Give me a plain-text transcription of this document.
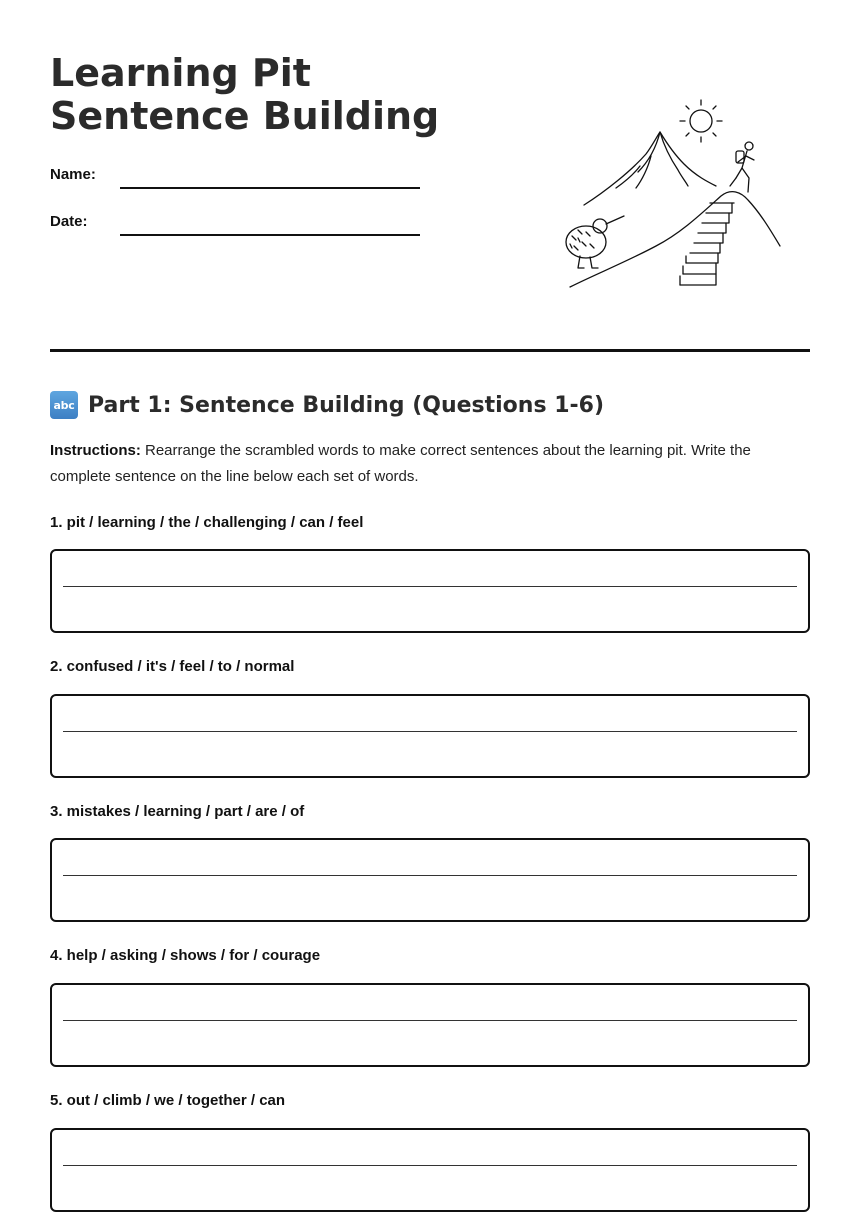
Learning Pit Sentence Building
Name:
Date:
abc Part 1: Sentence Building (Questions 1-6)
Instructions: Rearrange the scrambled words to make correct sentences about the learning pit. Write the complete sentence on the line below each set of words.
1. pit / learning / the / challenging / can / feel
2. confused / it's / feel / to / normal
3. mistakes / learning / part / are / of
4. help / asking / shows / for / courage
5. out / climb / we / together / can
